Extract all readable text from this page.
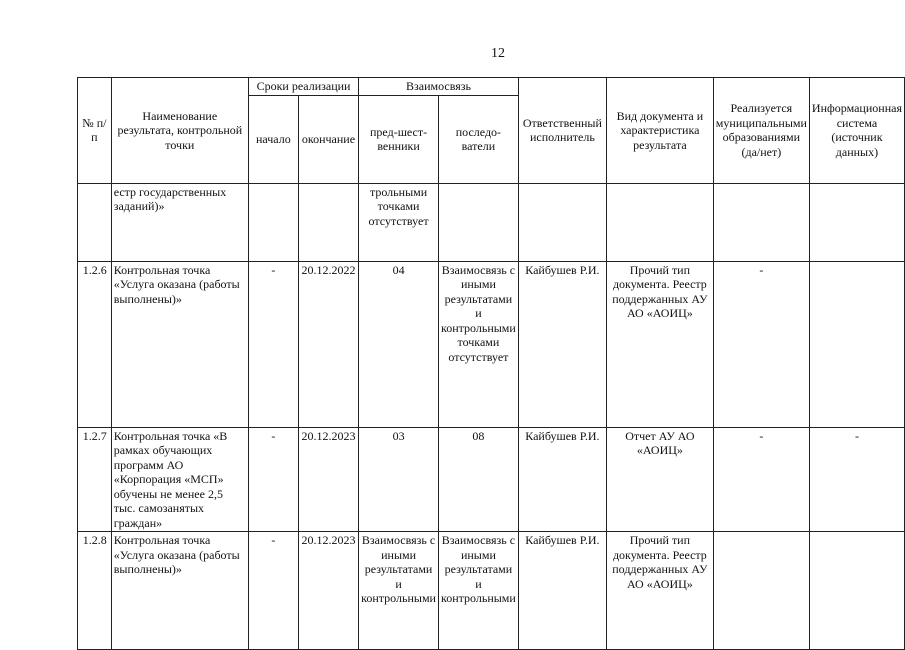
12
№ п/п	Наименование результата, контрольной точки	Сроки реализации		Взаимосвязь		Ответственный исполнитель	Вид документа и характеристика результата	Реализуется муниципальными образованиями (да/нет)	Информационная система (источник данных)
		начало	окончание	пред-шест-венники	последо-ватели				
	естр государственных заданий)»			трольными точками отсутствует					
1.2.6	Контрольная точка «Услуга оказана (работы выполнены)»	-	20.12.2022	04	Взаимосвязь с иными результатами и контрольными точками отсутствует	Кайбушев Р.И.	Прочий тип документа. Реестр поддержанных АУ АО «АОИЦ»	-	
1.2.7	Контрольная точка «В рамках обучающих программ АО «Корпорация «МСП» обучены не менее 2,5 тыс. самозанятых граждан»	-	20.12.2023	03	08	Кайбушев Р.И.	Отчет АУ АО «АОИЦ»	-	-
1.2.8	Контрольная точка «Услуга оказана (работы выполнены)»	-	20.12.2023	Взаимосвязь с иными результатами и контрольными	Взаимосвязь с иными результатами и контрольными	Кайбушев Р.И.	Прочий тип документа. Реестр поддержанных АУ АО «АОИЦ»		
